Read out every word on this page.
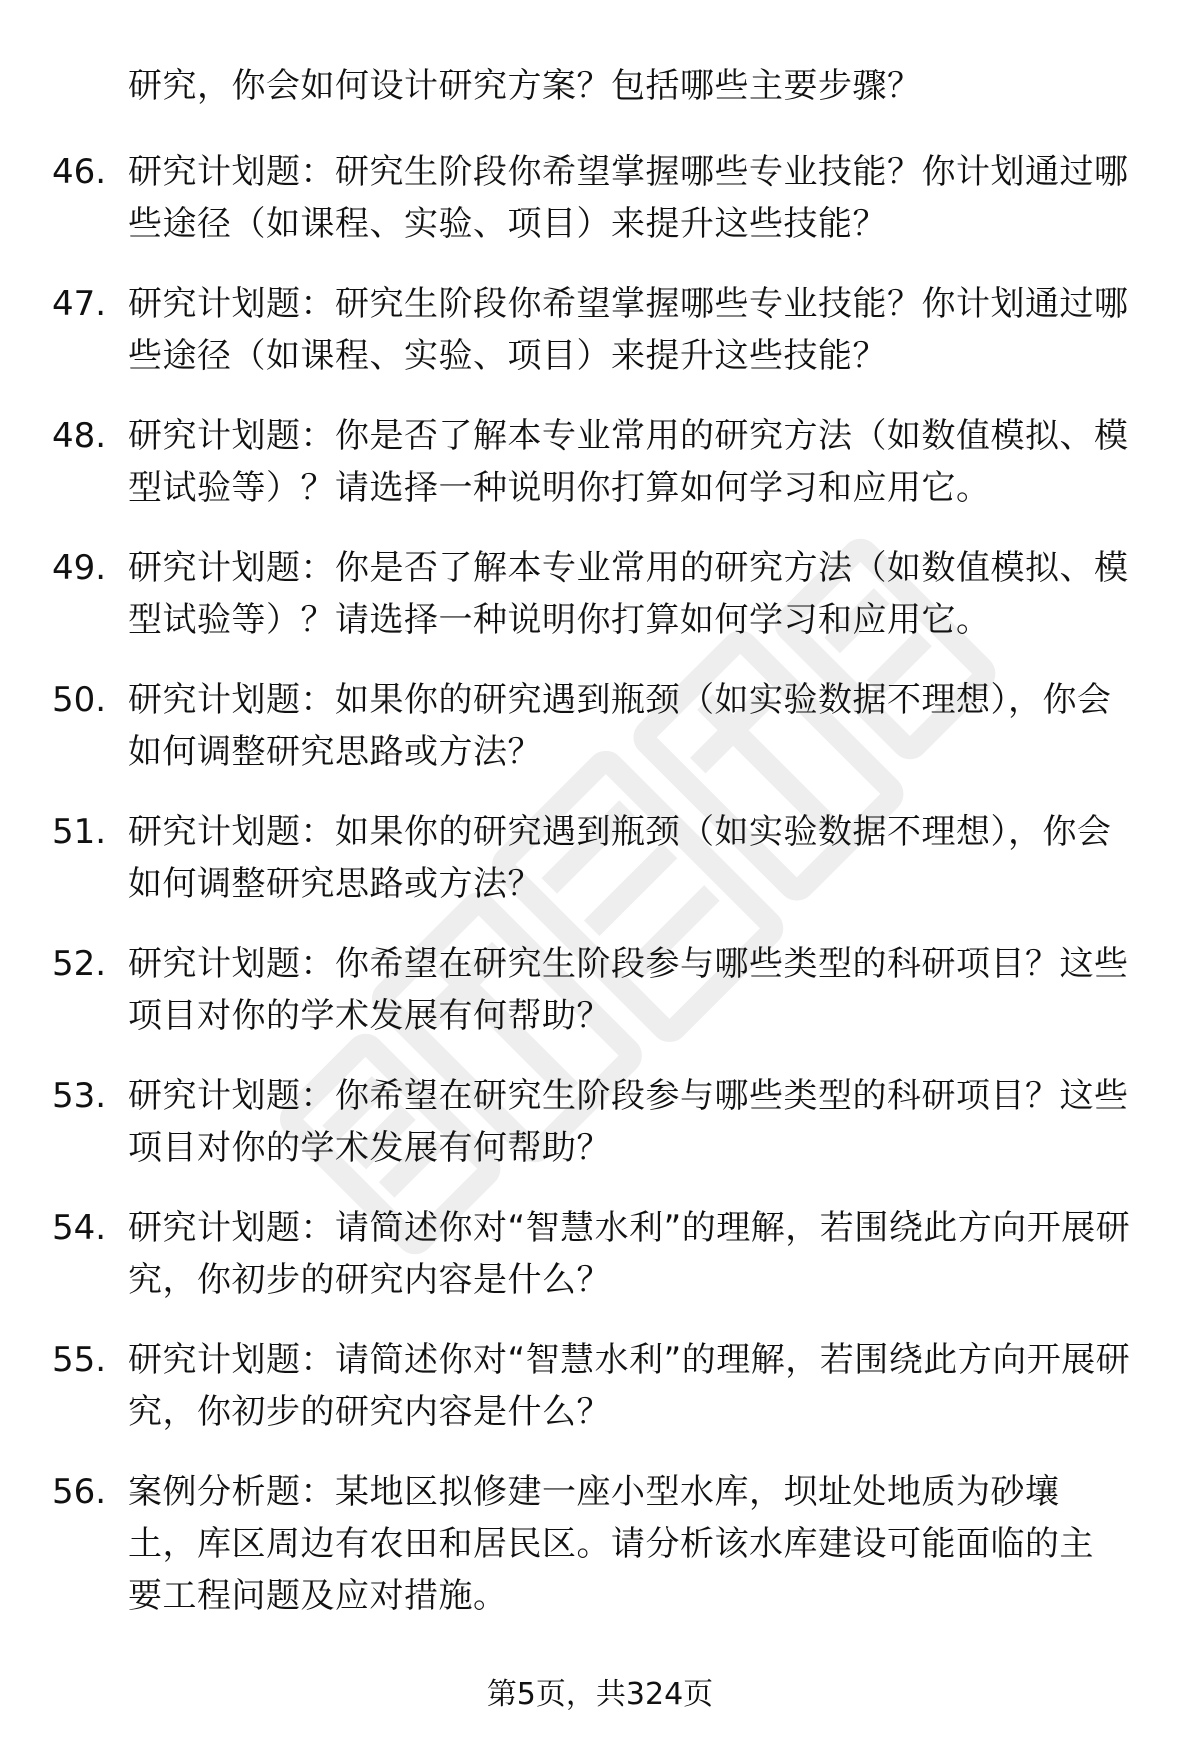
研究，你会如何设计研究方案？包括哪些主要步骤？
46. 研究计划题：研究生阶段你希望掌握哪些专业技能？你计划通过哪些途径（如课程、实验、项目）来提升这些技能？
47. 研究计划题：研究生阶段你希望掌握哪些专业技能？你计划通过哪些途径（如课程、实验、项目）来提升这些技能？
48. 研究计划题：你是否了解本专业常用的研究方法（如数值模拟、模型试验等）？请选择一种说明你打算如何学习和应用它。
49. 研究计划题：你是否了解本专业常用的研究方法（如数值模拟、模型试验等）？请选择一种说明你打算如何学习和应用它。
50. 研究计划题：如果你的研究遇到瓶颈（如实验数据不理想），你会如何调整研究思路或方法？
51. 研究计划题：如果你的研究遇到瓶颈（如实验数据不理想），你会如何调整研究思路或方法？
52. 研究计划题：你希望在研究生阶段参与哪些类型的科研项目？这些项目对你的学术发展有何帮助？
53. 研究计划题：你希望在研究生阶段参与哪些类型的科研项目？这些项目对你的学术发展有何帮助？
54. 研究计划题：请简述你对“智慧水利”的理解，若围绕此方向开展研究，你初步的研究内容是什么？
55. 研究计划题：请简述你对“智慧水利”的理解，若围绕此方向开展研究，你初步的研究内容是什么？
56. 案例分析题：某地区拟修建一座小型水库，坝址处地质为砂壤土，库区周边有农田和居民区。请分析该水库建设可能面临的主要工程问题及应对措施。
第5页，共324页
